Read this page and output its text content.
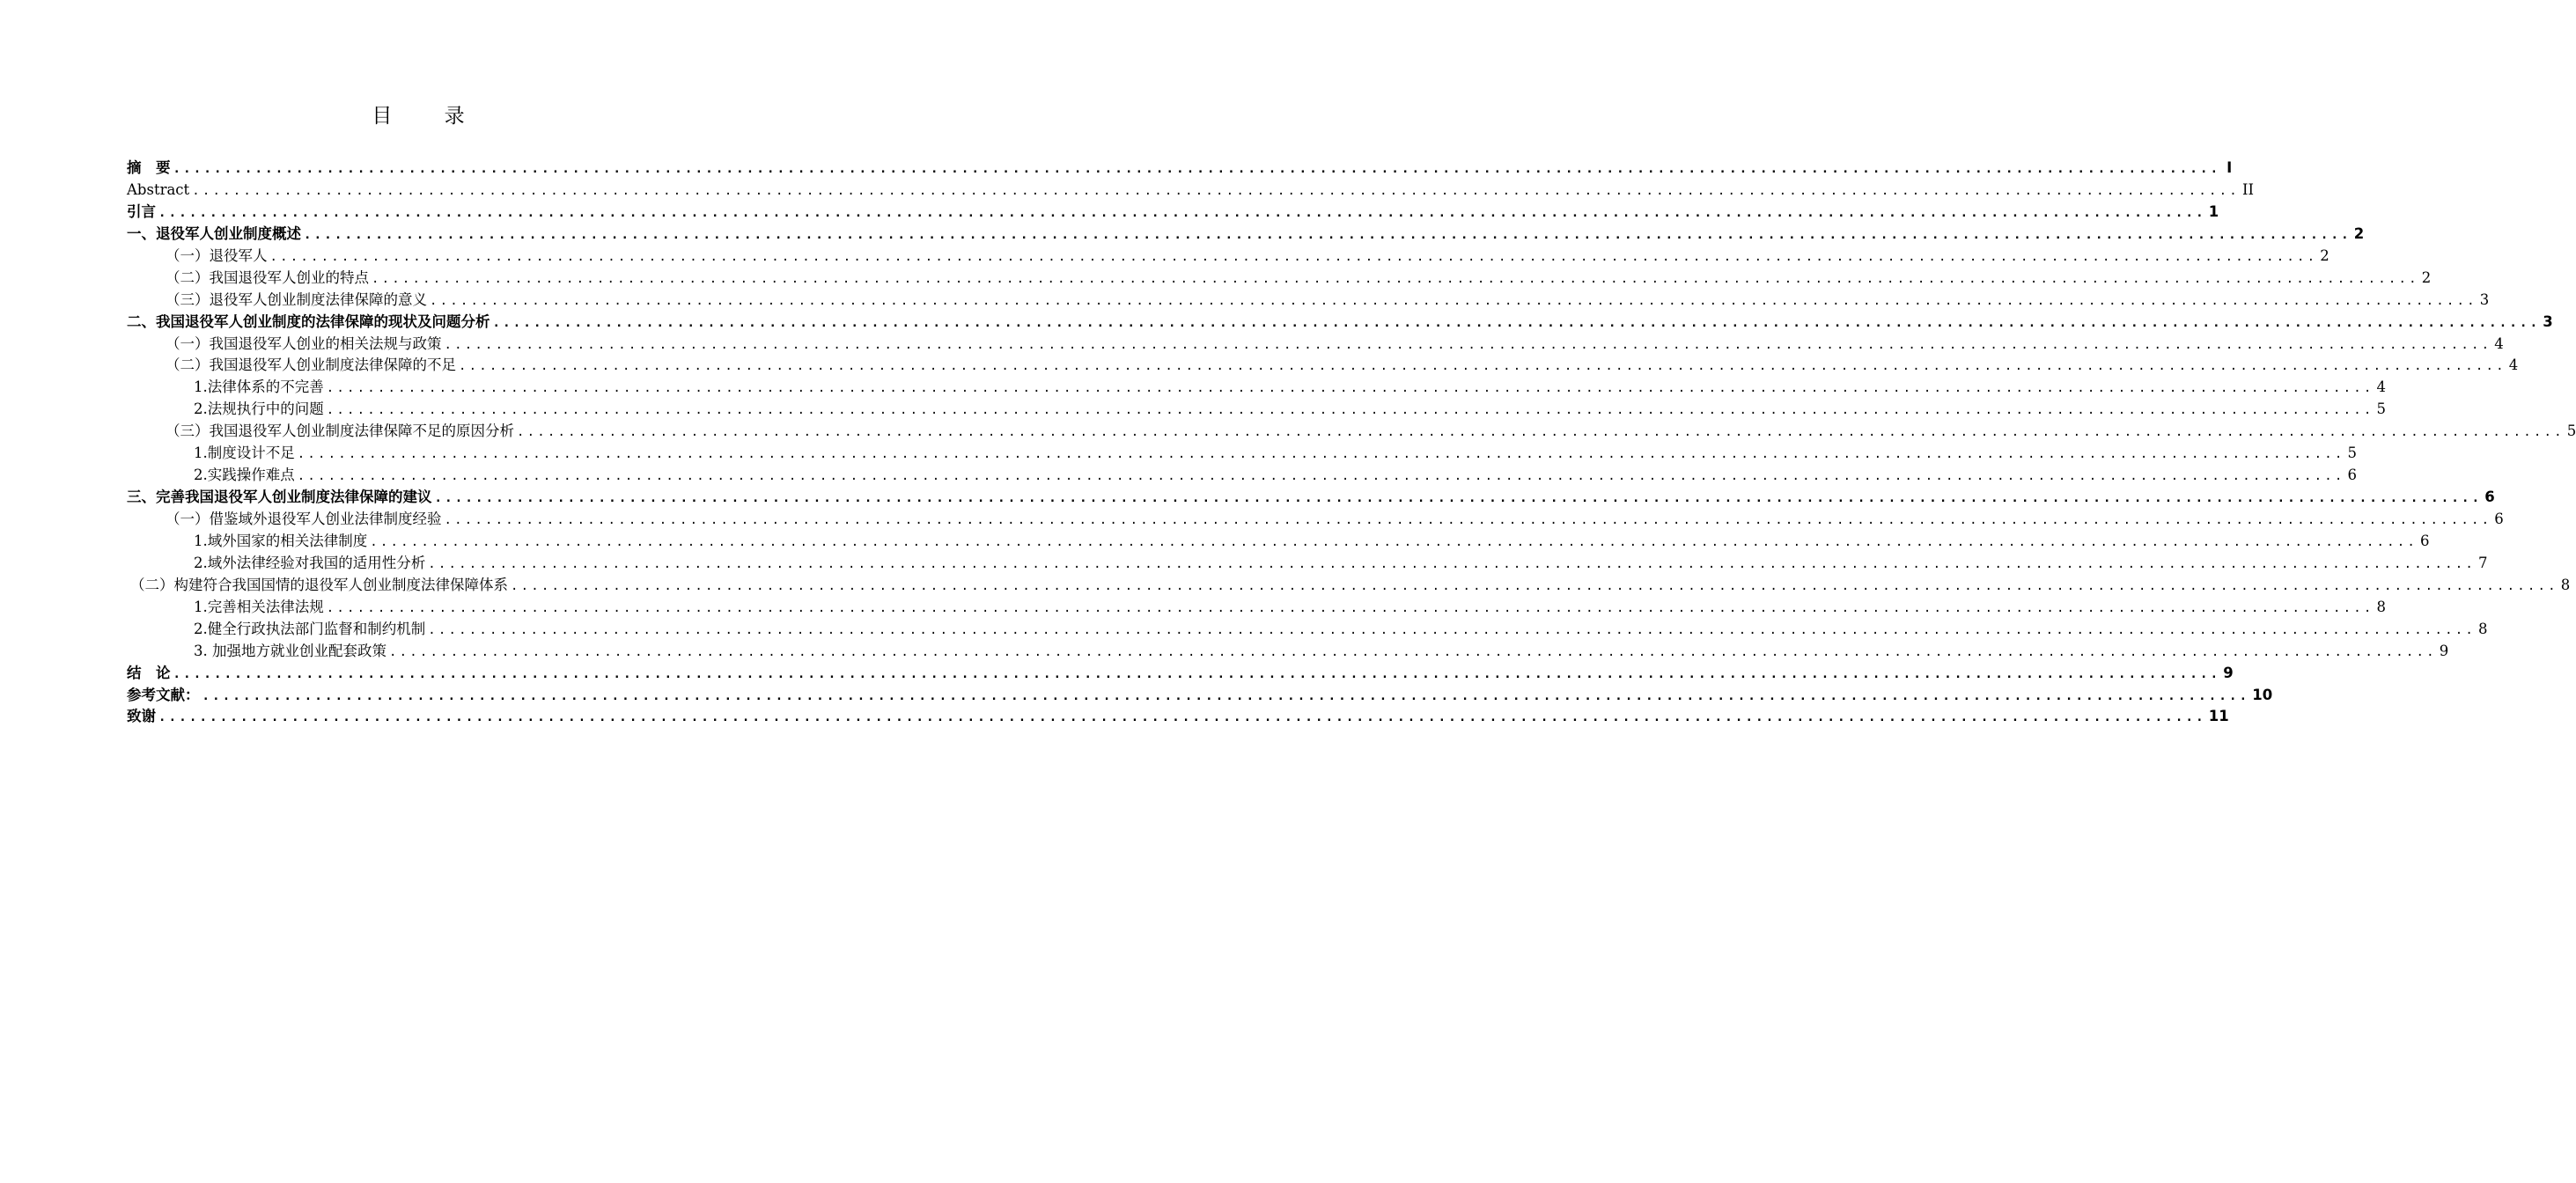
目 录
摘　要 ........................................................................................................................................................................................................ I
Abstract ........................................................................................................................................................................................................ II
引言 ........................................................................................................................................................................................................ 1
一、退役军人创业制度概述 ........................................................................................................................................................................................................ 2
（一）退役军人 ........................................................................................................................................................................................................ 2
（二）我国退役军人创业的特点 ........................................................................................................................................................................................................ 2
（三）退役军人创业制度法律保障的意义 ........................................................................................................................................................................................................ 3
二、我国退役军人创业制度的法律保障的现状及问题分析 ........................................................................................................................................................................................................ 3
（一）我国退役军人创业的相关法规与政策 ........................................................................................................................................................................................................ 4
（二）我国退役军人创业制度法律保障的不足 ........................................................................................................................................................................................................ 4
1.法律体系的不完善 ........................................................................................................................................................................................................ 4
2.法规执行中的问题 ........................................................................................................................................................................................................ 5
（三）我国退役军人创业制度法律保障不足的原因分析 ........................................................................................................................................................................................................ 5
1.制度设计不足 ........................................................................................................................................................................................................ 5
2.实践操作难点 ........................................................................................................................................................................................................ 6
三、完善我国退役军人创业制度法律保障的建议 ........................................................................................................................................................................................................ 6
（一）借鉴域外退役军人创业法律制度经验 ........................................................................................................................................................................................................ 6
1.域外国家的相关法律制度 ........................................................................................................................................................................................................ 6
2.域外法律经验对我国的适用性分析 ........................................................................................................................................................................................................ 7
（二）构建符合我国国情的退役军人创业制度法律保障体系 ........................................................................................................................................................................................................ 8
1.完善相关法律法规 ........................................................................................................................................................................................................ 8
2.健全行政执法部门监督和制约机制 ........................................................................................................................................................................................................ 8
3. 加强地方就业创业配套政策 ........................................................................................................................................................................................................ 9
结　论 ........................................................................................................................................................................................................ 9
参考文献： ........................................................................................................................................................................................................ 10
致谢 ........................................................................................................................................................................................................ 11
